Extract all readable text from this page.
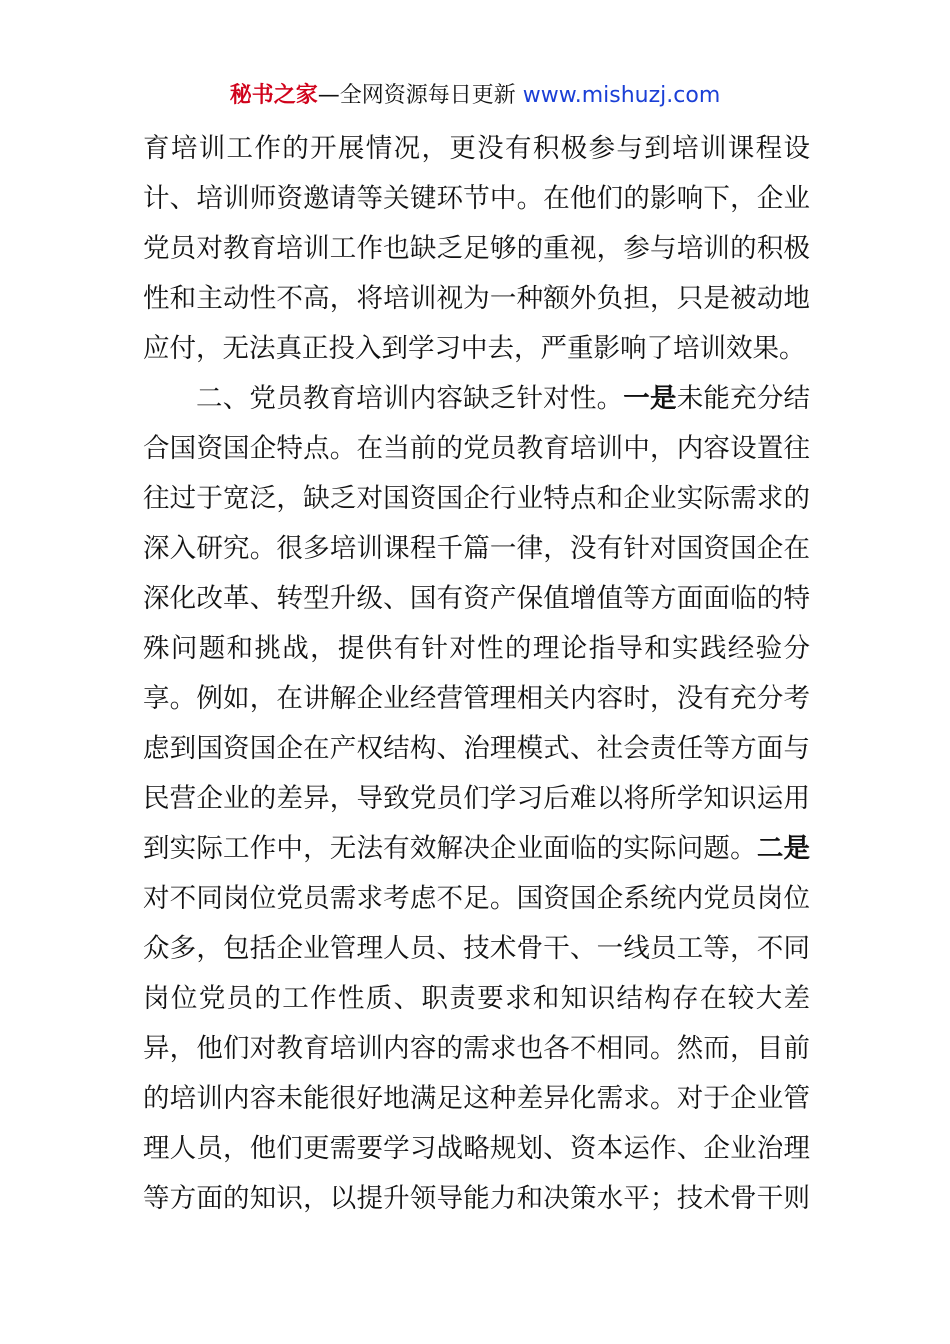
秘书之家—全网资源每日更新 www.mishuzj.com
育培训工作的开展情况，更没有积极参与到培训课程设
计、培训师资邀请等关键环节中。在他们的影响下，企业
党员对教育培训工作也缺乏足够的重视，参与培训的积极
性和主动性不高，将培训视为一种额外负担，只是被动地
应付，无法真正投入到学习中去，严重影响了培训效果。
二、党员教育培训内容缺乏针对性。一是未能充分结
合国资国企特点。在当前的党员教育培训中，内容设置往
往过于宽泛，缺乏对国资国企行业特点和企业实际需求的
深入研究。很多培训课程千篇一律，没有针对国资国企在
深化改革、转型升级、国有资产保值增值等方面面临的特
殊问题和挑战，提供有针对性的理论指导和实践经验分
享。例如，在讲解企业经营管理相关内容时，没有充分考
虑到国资国企在产权结构、治理模式、社会责任等方面与
民营企业的差异，导致党员们学习后难以将所学知识运用
到实际工作中，无法有效解决企业面临的实际问题。二是
对不同岗位党员需求考虑不足。国资国企系统内党员岗位
众多，包括企业管理人员、技术骨干、一线员工等，不同
岗位党员的工作性质、职责要求和知识结构存在较大差
异，他们对教育培训内容的需求也各不相同。然而，目前
的培训内容未能很好地满足这种差异化需求。对于企业管
理人员，他们更需要学习战略规划、资本运作、企业治理
等方面的知识，以提升领导能力和决策水平；技术骨干则
